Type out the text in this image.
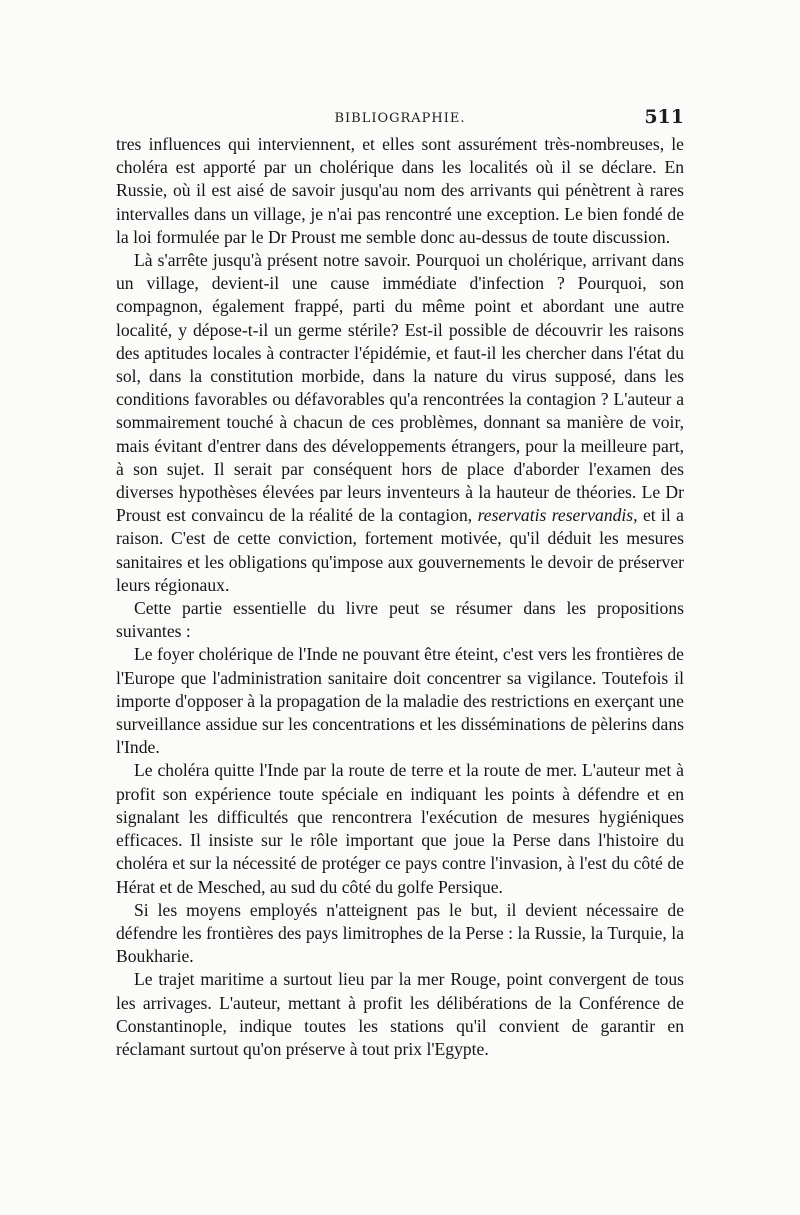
BIBLIOGRAPHIE.	511

tres influences qui interviennent, et elles sont assurément très-nombreuses, le choléra est apporté par un cholérique dans les localités où il se déclare. En Russie, où il est aisé de savoir jusqu'au nom des arrivants qui pénètrent à rares intervalles dans un village, je n'ai pas rencontré une exception. Le bien fondé de la loi formulée par le Dr Proust me semble donc au-dessus de toute discussion.

Là s'arrête jusqu'à présent notre savoir. Pourquoi un cholérique, arrivant dans un village, devient-il une cause immédiate d'infection ? Pourquoi, son compagnon, également frappé, parti du même point et abordant une autre localité, y dépose-t-il un germe stérile? Est-il possible de découvrir les raisons des aptitudes locales à contracter l'épidémie, et faut-il les chercher dans l'état du sol, dans la constitution morbide, dans la nature du virus supposé, dans les conditions favorables ou défavorables qu'a rencontrées la contagion ? L'auteur a sommairement touché à chacun de ces problèmes, donnant sa manière de voir, mais évitant d'entrer dans des développements étrangers, pour la meilleure part, à son sujet. Il serait par conséquent hors de place d'aborder l'examen des diverses hypothèses élevées par leurs inventeurs à la hauteur de théories. Le Dr Proust est convaincu de la réalité de la contagion, reservatis reservandis, et il a raison. C'est de cette conviction, fortement motivée, qu'il déduit les mesures sanitaires et les obligations qu'impose aux gouvernements le devoir de préserver leurs régionaux.

Cette partie essentielle du livre peut se résumer dans les propositions suivantes :

Le foyer cholérique de l'Inde ne pouvant être éteint, c'est vers les frontières de l'Europe que l'administration sanitaire doit concentrer sa vigilance. Toutefois il importe d'opposer à la propagation de la maladie des restrictions en exerçant une surveillance assidue sur les concentrations et les disséminations de pèlerins dans l'Inde.

Le choléra quitte l'Inde par la route de terre et la route de mer. L'auteur met à profit son expérience toute spéciale en indiquant les points à défendre et en signalant les difficultés que rencontrera l'exécution de mesures hygiéniques efficaces. Il insiste sur le rôle important que joue la Perse dans l'histoire du choléra et sur la nécessité de protéger ce pays contre l'invasion, à l'est du côté de Hérat et de Mesched, au sud du côté du golfe Persique.

Si les moyens employés n'atteignent pas le but, il devient nécessaire de défendre les frontières des pays limitrophes de la Perse : la Russie, la Turquie, la Boukharie.

Le trajet maritime a surtout lieu par la mer Rouge, point convergent de tous les arrivages. L'auteur, mettant à profit les délibérations de la Conférence de Constantinople, indique toutes les stations qu'il convient de garantir en réclamant surtout qu'on préserve à tout prix l'Egypte.
